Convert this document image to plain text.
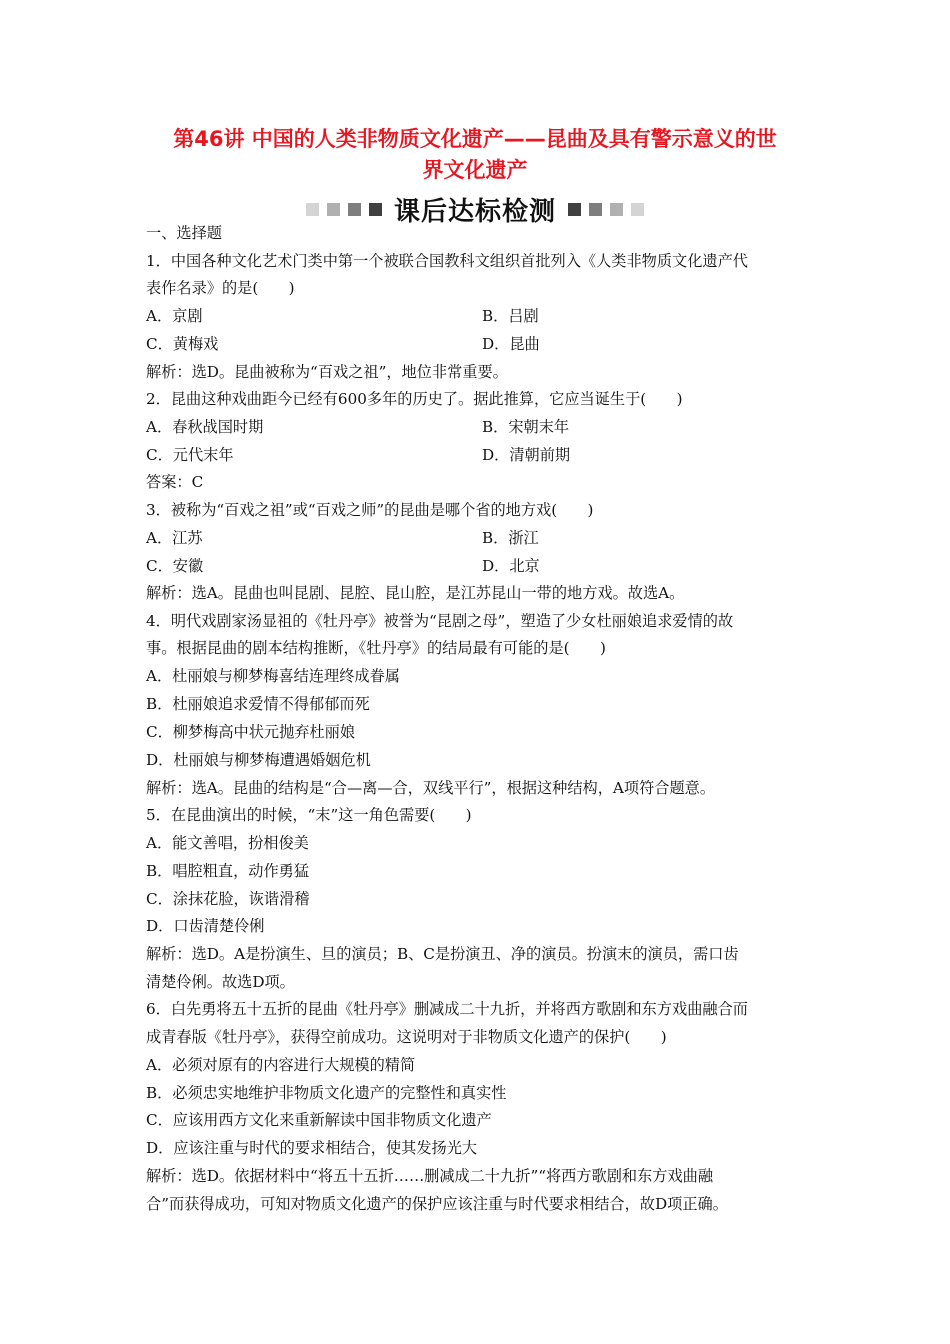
第46讲 中国的人类非物质文化遗产——昆曲及具有警示意义的世
界文化遗产
课后达标检测
一、选择题
1．中国各种文化艺术门类中第一个被联合国教科文组织首批列入《人类非物质文化遗产代
表作名录》的是(　　)
A．京剧	B．吕剧
C．黄梅戏	D．昆曲
解析：选D。昆曲被称为“百戏之祖”，地位非常重要。
2．昆曲这种戏曲距今已经有600多年的历史了。据此推算，它应当诞生于(　　)
A．春秋战国时期	B．宋朝末年
C．元代末年	D．清朝前期
答案：C
3．被称为“百戏之祖”或“百戏之师”的昆曲是哪个省的地方戏(　　)
A．江苏	B．浙江
C．安徽	D．北京
解析：选A。昆曲也叫昆剧、昆腔、昆山腔，是江苏昆山一带的地方戏。故选A。
4．明代戏剧家汤显祖的《牡丹亭》被誉为“昆剧之母”，塑造了少女杜丽娘追求爱情的故
事。根据昆曲的剧本结构推断，《牡丹亭》的结局最有可能的是(　　)
A．杜丽娘与柳梦梅喜结连理终成眷属
B．杜丽娘追求爱情不得郁郁而死
C．柳梦梅高中状元抛弃杜丽娘
D．杜丽娘与柳梦梅遭遇婚姻危机
解析：选A。昆曲的结构是“合—离—合，双线平行”，根据这种结构，A项符合题意。
5．在昆曲演出的时候，“末”这一角色需要(　　)
A．能文善唱，扮相俊美
B．唱腔粗直，动作勇猛
C．涂抹花脸，诙谐滑稽
D．口齿清楚伶俐
解析：选D。A是扮演生、旦的演员；B、C是扮演丑、净的演员。扮演末的演员，需口齿
清楚伶俐。故选D项。
6．白先勇将五十五折的昆曲《牡丹亭》删减成二十九折，并将西方歌剧和东方戏曲融合而
成青春版《牡丹亭》，获得空前成功。这说明对于非物质文化遗产的保护(　　)
A．必须对原有的内容进行大规模的精简
B．必须忠实地维护非物质文化遗产的完整性和真实性
C．应该用西方文化来重新解读中国非物质文化遗产
D．应该注重与时代的要求相结合，使其发扬光大
解析：选D。依据材料中“将五十五折……删减成二十九折”“将西方歌剧和东方戏曲融
合”而获得成功，可知对物质文化遗产的保护应该注重与时代要求相结合，故D项正确。
